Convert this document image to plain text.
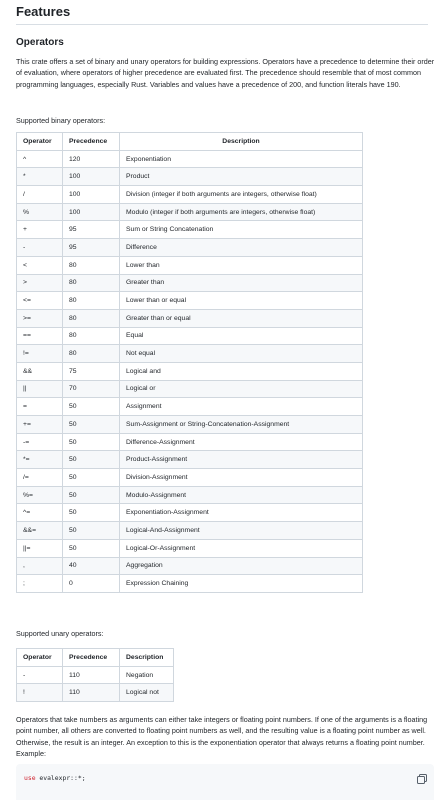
Features
Operators
This crate offers a set of binary and unary operators for building expressions. Operators have a precedence to determine their order of evaluation, where operators of higher precedence are evaluated first. The precedence should resemble that of most common programming languages, especially Rust. Variables and values have a precedence of 200, and function literals have 190.
Supported binary operators:
Operator	Precedence	Description
^	120	Exponentiation
*	100	Product
/	100	Division (integer if both arguments are integers, otherwise float)
%	100	Modulo (integer if both arguments are integers, otherwise float)
+	95	Sum or String Concatenation
-	95	Difference
<	80	Lower than
>	80	Greater than
<=	80	Lower than or equal
>=	80	Greater than or equal
==	80	Equal
!=	80	Not equal
&&	75	Logical and
||	70	Logical or
=	50	Assignment
+=	50	Sum-Assignment or String-Concatenation-Assignment
-=	50	Difference-Assignment
*=	50	Product-Assignment
/=	50	Division-Assignment
%=	50	Modulo-Assignment
^=	50	Exponentiation-Assignment
&&=	50	Logical-And-Assignment
||=	50	Logical-Or-Assignment
,	40	Aggregation
;	0	Expression Chaining
Supported unary operators:
Operator	Precedence	Description
-	110	Negation
!	110	Logical not
Operators that take numbers as arguments can either take integers or floating point numbers. If one of the arguments is a floating point number, all others are converted to floating point numbers as well, and the resulting value is a floating point number as well. Otherwise, the result is an integer. An exception to this is the exponentiation operator that always returns a floating point number. Example:
use evalexpr::*;
